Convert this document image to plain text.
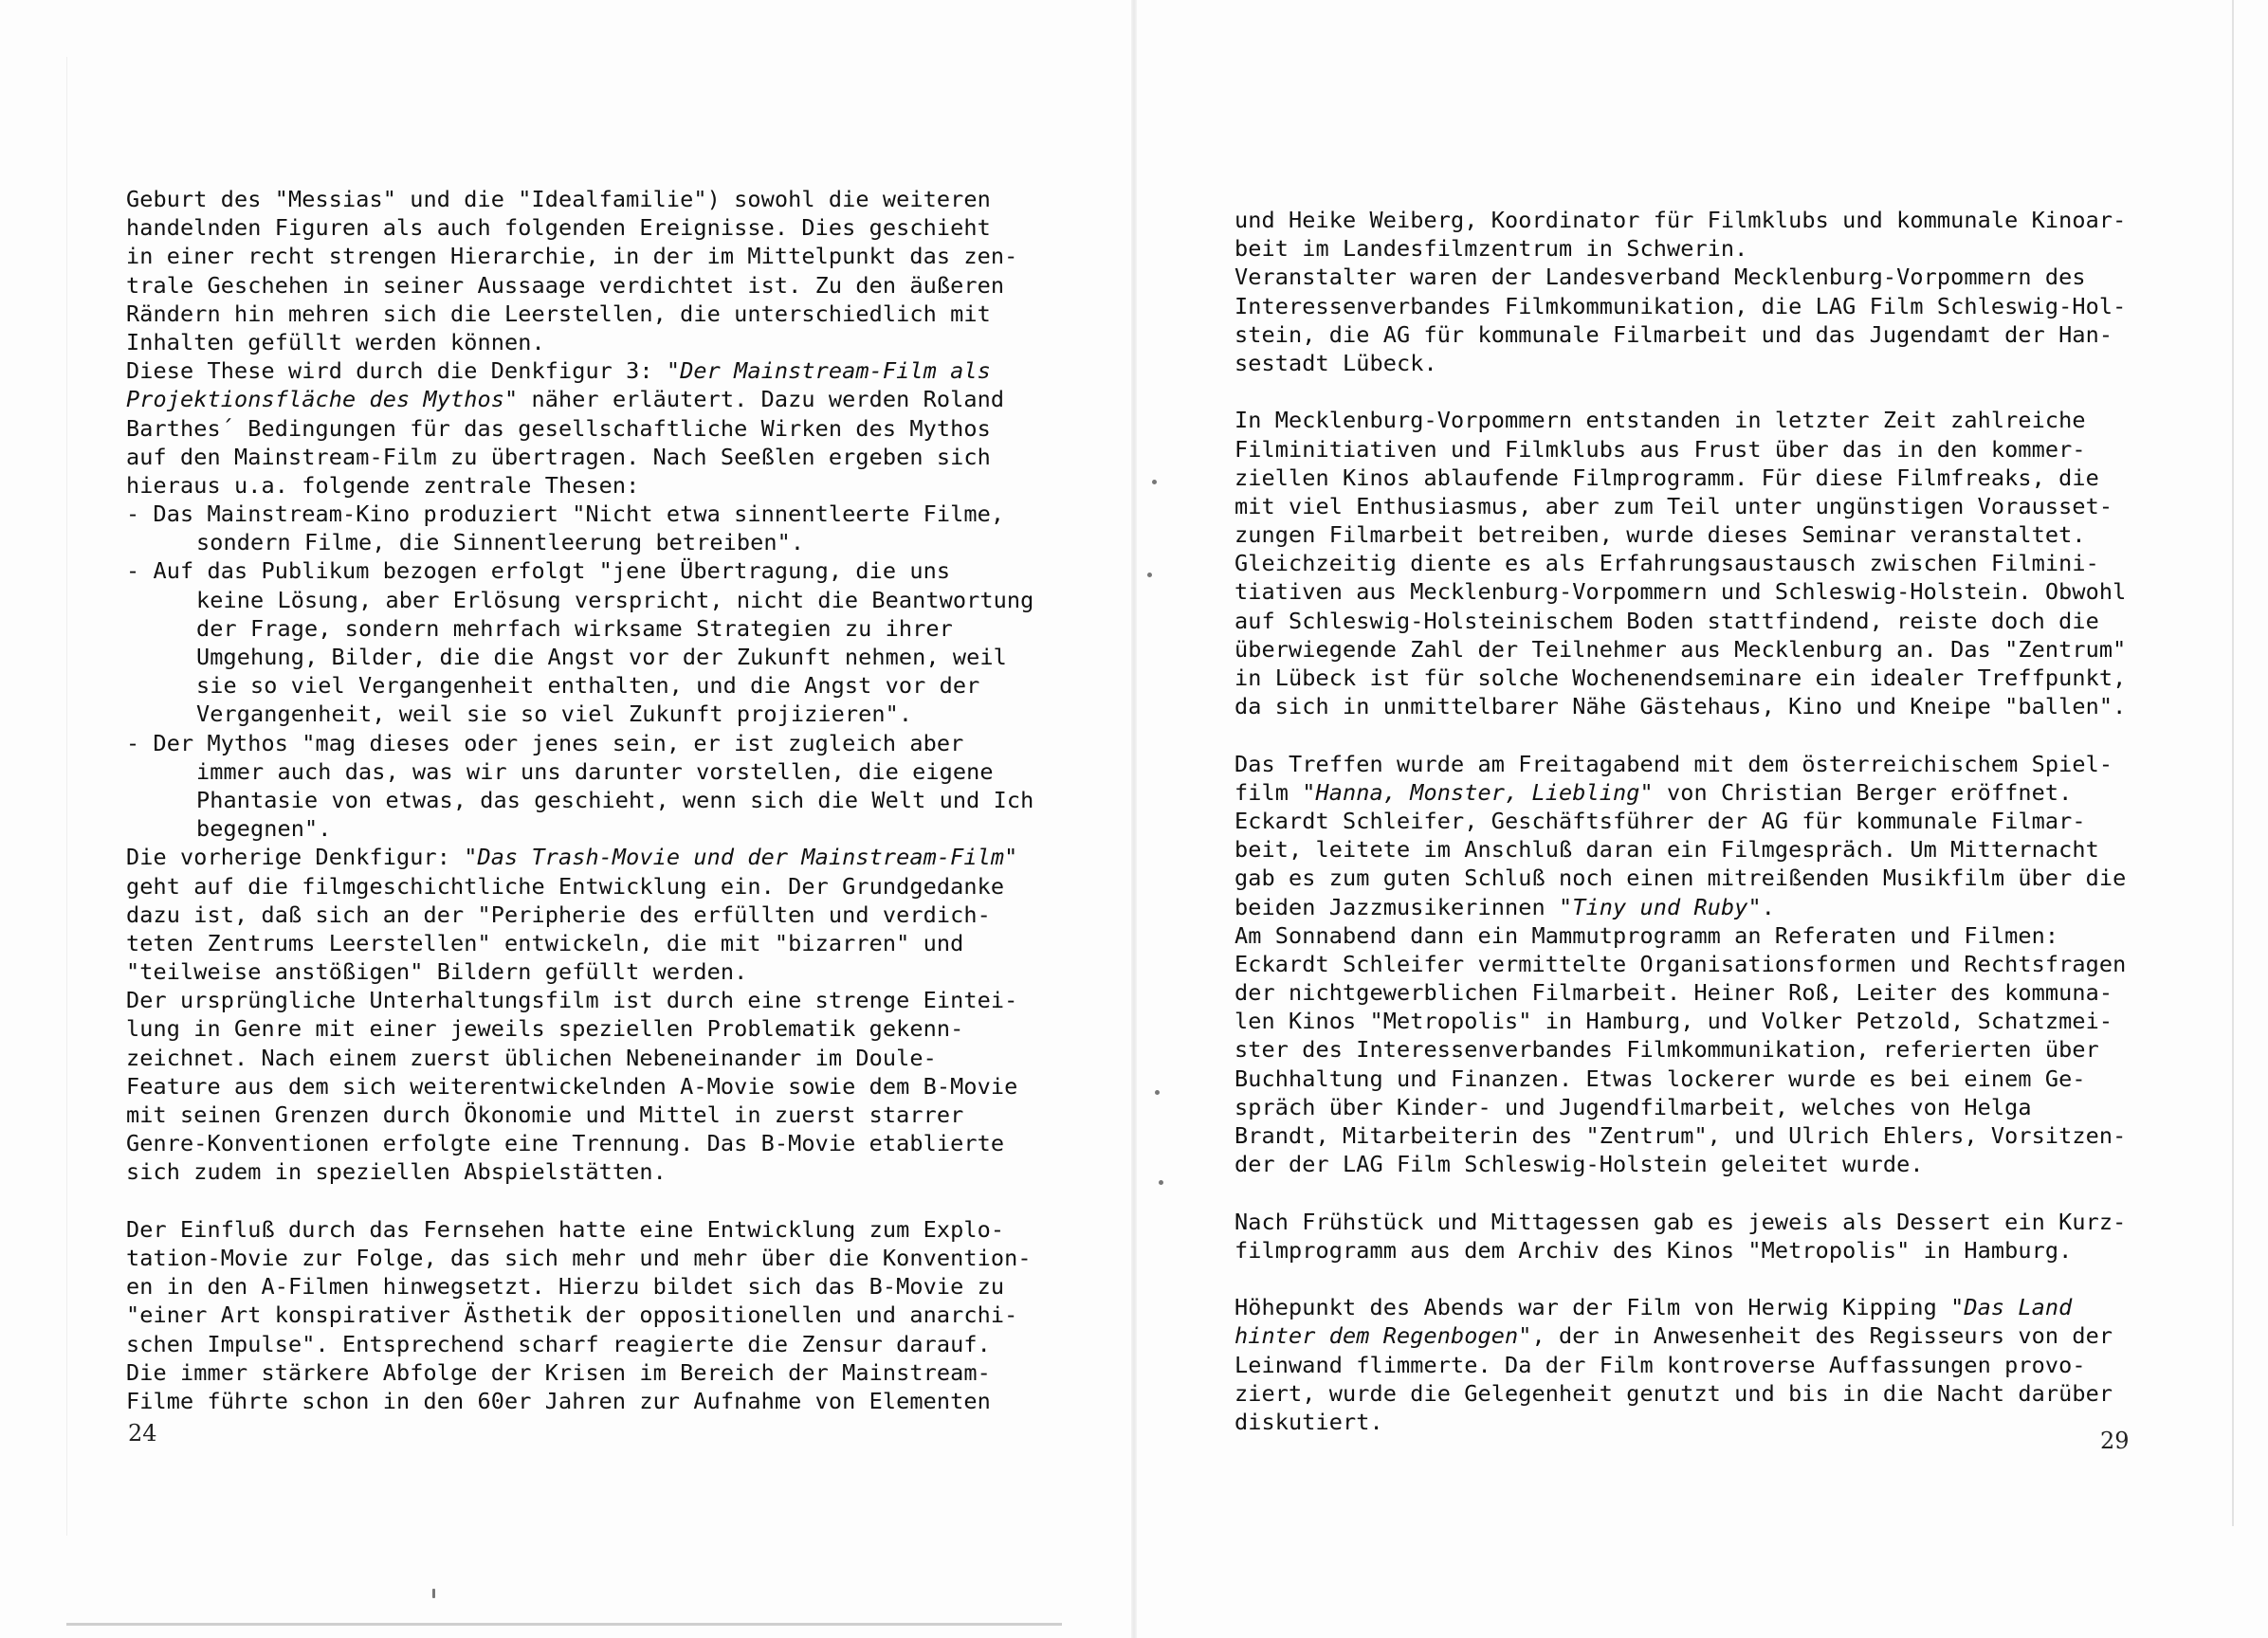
Geburt des "Messias" und die "Idealfamilie") sowohl die weiteren
handelnden Figuren als auch folgenden Ereignisse. Dies geschieht
in einer recht strengen Hierarchie, in der im Mittelpunkt das zen-
trale Geschehen in seiner Aussaage verdichtet ist. Zu den äußeren
Rändern hin mehren sich die Leerstellen, die unterschiedlich mit
Inhalten gefüllt werden können.
Diese These wird durch die Denkfigur 3: "Der Mainstream-Film als
Projektionsfläche des Mythos" näher erläutert. Dazu werden Roland
Barthes´ Bedingungen für das gesellschaftliche Wirken des Mythos
auf den Mainstream-Film zu übertragen. Nach Seeßlen ergeben sich
hieraus u.a. folgende zentrale Thesen:
- Das Mainstream-Kino produziert "Nicht etwa sinnentleerte Filme,
sondern Filme, die Sinnentleerung betreiben".
- Auf das Publikum bezogen erfolgt "jene Übertragung, die uns
keine Lösung, aber Erlösung verspricht, nicht die Beantwortung
der Frage, sondern mehrfach wirksame Strategien zu ihrer
Umgehung, Bilder, die die Angst vor der Zukunft nehmen, weil
sie so viel Vergangenheit enthalten, und die Angst vor der
Vergangenheit, weil sie so viel Zukunft projizieren".
- Der Mythos "mag dieses oder jenes sein, er ist zugleich aber
immer auch das, was wir uns darunter vorstellen, die eigene
Phantasie von etwas, das geschieht, wenn sich die Welt und Ich
begegnen".
Die vorherige Denkfigur: "Das Trash-Movie und der Mainstream-Film"
geht auf die filmgeschichtliche Entwicklung ein. Der Grundgedanke
dazu ist, daß sich an der "Peripherie des erfüllten und verdich-
teten Zentrums Leerstellen" entwickeln, die mit "bizarren" und
"teilweise anstößigen" Bildern gefüllt werden.
Der ursprüngliche Unterhaltungsfilm ist durch eine strenge Eintei-
lung in Genre mit einer jeweils speziellen Problematik gekenn-
zeichnet. Nach einem zuerst üblichen Nebeneinander im Doule-
Feature aus dem sich weiterentwickelnden A-Movie sowie dem B-Movie
mit seinen Grenzen durch Ökonomie und Mittel in zuerst starrer
Genre-Konventionen erfolgte eine Trennung. Das B-Movie etablierte
sich zudem in speziellen Abspielstätten.
Der Einfluß durch das Fernsehen hatte eine Entwicklung zum Explo-
tation-Movie zur Folge, das sich mehr und mehr über die Konvention-
en in den A-Filmen hinwegsetzt. Hierzu bildet sich das B-Movie zu
"einer Art konspirativer Ästhetik der oppositionellen und anarchi-
schen Impulse". Entsprechend scharf reagierte die Zensur darauf.
Die immer stärkere Abfolge der Krisen im Bereich der Mainstream-
Filme führte schon in den 60er Jahren zur Aufnahme von Elementen
und Heike Weiberg, Koordinator für Filmklubs und kommunale Kinoar-
beit im Landesfilmzentrum in Schwerin.
Veranstalter waren der Landesverband Mecklenburg-Vorpommern des
Interessenverbandes Filmkommunikation, die LAG Film Schleswig-Hol-
stein, die AG für kommunale Filmarbeit und das Jugendamt der Han-
sestadt Lübeck.
In Mecklenburg-Vorpommern entstanden in letzter Zeit zahlreiche
Filminitiativen und Filmklubs aus Frust über das in den kommer-
ziellen Kinos ablaufende Filmprogramm. Für diese Filmfreaks, die
mit viel Enthusiasmus, aber zum Teil unter ungünstigen Vorausset-
zungen Filmarbeit betreiben, wurde dieses Seminar veranstaltet.
Gleichzeitig diente es als Erfahrungsaustausch zwischen Filmini-
tiativen aus Mecklenburg-Vorpommern und Schleswig-Holstein. Obwohl
auf Schleswig-Holsteinischem Boden stattfindend, reiste doch die
überwiegende Zahl der Teilnehmer aus Mecklenburg an. Das "Zentrum"
in Lübeck ist für solche Wochenendseminare ein idealer Treffpunkt,
da sich in unmittelbarer Nähe Gästehaus, Kino und Kneipe "ballen".
Das Treffen wurde am Freitagabend mit dem österreichischem Spiel-
film "Hanna, Monster, Liebling" von Christian Berger eröffnet.
Eckardt Schleifer, Geschäftsführer der AG für kommunale Filmar-
beit, leitete im Anschluß daran ein Filmgespräch. Um Mitternacht
gab es zum guten Schluß noch einen mitreißenden Musikfilm über die
beiden Jazzmusikerinnen "Tiny und Ruby".
Am Sonnabend dann ein Mammutprogramm an Referaten und Filmen:
Eckardt Schleifer vermittelte Organisationsformen und Rechtsfragen
der nichtgewerblichen Filmarbeit. Heiner Roß, Leiter des kommuna-
len Kinos "Metropolis" in Hamburg, und Volker Petzold, Schatzmei-
ster des Interessenverbandes Filmkommunikation, referierten über
Buchhaltung und Finanzen. Etwas lockerer wurde es bei einem Ge-
spräch über Kinder- und Jugendfilmarbeit, welches von Helga
Brandt, Mitarbeiterin des "Zentrum", und Ulrich Ehlers, Vorsitzen-
der der LAG Film Schleswig-Holstein geleitet wurde.
Nach Frühstück und Mittagessen gab es jeweis als Dessert ein Kurz-
filmprogramm aus dem Archiv des Kinos "Metropolis" in Hamburg.
Höhepunkt des Abends war der Film von Herwig Kipping "Das Land
hinter dem Regenbogen", der in Anwesenheit des Regisseurs von der
Leinwand flimmerte. Da der Film kontroverse Auffassungen provo-
ziert, wurde die Gelegenheit genutzt und bis in die Nacht darüber
diskutiert.
24	29
